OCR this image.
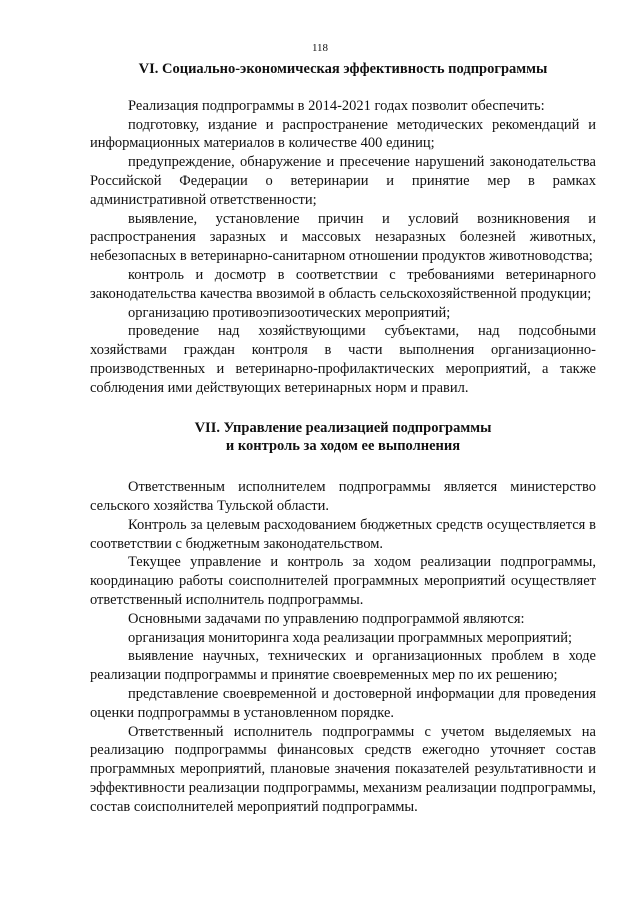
118
VI. Социально-экономическая эффективность подпрограммы

Реализация подпрограммы в 2014-2021 годах позволит обеспечить:

подготовку, издание и распространение методических рекомендаций и информационных материалов в количестве 400 единиц;

предупреждение, обнаружение и пресечение нарушений законодательства Российской Федерации о ветеринарии и принятие мер в рамках административной ответственности;

выявление, установление причин и условий возникновения и распространения заразных и массовых незаразных болезней животных, небезопасных в ветеринарно-санитарном отношении продуктов животноводства;

контроль и досмотр в соответствии с требованиями ветеринарного законодательства качества ввозимой в область сельскохозяйственной продукции;

организацию противоэпизоотических мероприятий;

проведение над хозяйствующими субъектами, над подсобными хозяйствами граждан контроля в части выполнения организационно-производственных и ветеринарно-профилактических мероприятий, а также соблюдения ими действующих ветеринарных норм и правил.

VII. Управление реализацией подпрограммы
и контроль за ходом ее выполнения

Ответственным исполнителем подпрограммы является министерство сельского хозяйства Тульской области.

Контроль за целевым расходованием бюджетных средств осуществляется в соответствии с бюджетным законодательством.

Текущее управление и контроль за ходом реализации подпрограммы, координацию работы соисполнителей программных мероприятий осуществляет ответственный исполнитель подпрограммы.

Основными задачами по управлению подпрограммой являются:

организация мониторинга хода реализации программных мероприятий;

выявление научных, технических и организационных проблем в ходе реализации подпрограммы и принятие своевременных мер по их решению;

представление своевременной и достоверной информации для проведения оценки подпрограммы в установленном порядке.

Ответственный исполнитель подпрограммы с учетом выделяемых на реализацию подпрограммы финансовых средств ежегодно уточняет состав программных мероприятий, плановые значения показателей результативности и эффективности реализации подпрограммы, механизм реализации подпрограммы, состав соисполнителей мероприятий подпрограммы.
